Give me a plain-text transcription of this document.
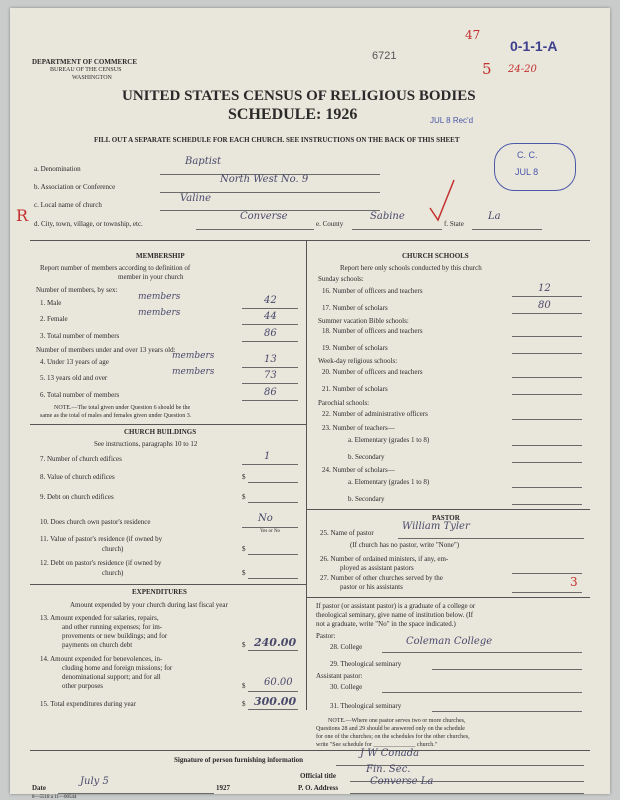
DEPARTMENT OF COMMERCE
BUREAU OF THE CENSUS
WASHINGTON
6721
47
0-1-1-A
5 24-20
UNITED STATES CENSUS OF RELIGIOUS BODIES
SCHEDULE: 1926	JUL 8 Rec'd
FILL OUT A SEPARATE SCHEDULE FOR EACH CHURCH. SEE INSTRUCTIONS ON THE BACK OF THIS SHEET
C. C.
JUL 8
a. Denomination
Baptist
b. Association or Conference
North West No. 9
c. Local name of church
Valine
R d. City, town, village, or township, etc.
Converse
e. County
Sabine
f. State
La
MEMBERSHIP
Report number of members according to definition of
member in your church
Number of members, by sex:
1. Male
members	42
2. Female
members	44
3. Total number of members	86
Number of members under and over 13 years old:
4. Under 13 years of age
members	13
5. 13 years old and over
members	73
6. Total number of members	86
NOTE.—The total given under Question 6 should be the
same as the total of males and females given under Question 3.
CHURCH BUILDINGS
See instructions, paragraphs 10 to 12
7. Number of church edifices	1
8. Value of church edifices	$
9. Debt on church edifices	$
10. Does church own pastor's residence	No
Yes or No
11. Value of pastor's residence (if owned by
church)	$
12. Debt on pastor's residence (if owned by
church)	$
EXPENDITURES
Amount expended by your church during last fiscal year
13. Amount expended for salaries, repairs,
and other running expenses; for im-
provements or new buildings; and for
payments on church debt	$ 240.00
14. Amount expended for benevolences, in-
cluding home and foreign missions; for
denominational support; and for all
other purposes	$ 60.00
15. Total expenditures during year	$ 300.00
CHURCH SCHOOLS
Report here only schools conducted by this church
Sunday schools:
16. Number of officers and teachers	12
17. Number of scholars	80
Summer vacation Bible schools:
18. Number of officers and teachers
19. Number of scholars
Week-day religious schools:
20. Number of officers and teachers
21. Number of scholars
Parochial schools:
22. Number of administrative officers
23. Number of teachers—
a. Elementary (grades 1 to 8)
b. Secondary
24. Number of scholars—
a. Elementary (grades 1 to 8)
b. Secondary
PASTOR
25. Name of pastor
William Tyler
(If church has no pastor, write "None")
26. Number of ordained ministers, if any, em-
ployed as assistant pastors
27. Number of other churches served by the
pastor or his assistants	3
If pastor (or assistant pastor) is a graduate of a college or
theological seminary, give name of institution below. (If
not a graduate, write "No" in the space indicated.)
Pastor:
28. College	Coleman College
29. Theological seminary
Assistant pastor:
30. College
31. Theological seminary
NOTE.—Where one pastor serves two or more churches,
Questions 28 and 29 should be answered only on the schedule
for one of the churches; on the schedules for the other churches,
write "See schedule for ______________ church."
Signature of person furnishing information
J W Conada
Official title
Fin. Sec.
Date
July 5
1927	P. O. Address
Converse La
8—5518 a 11—00544
